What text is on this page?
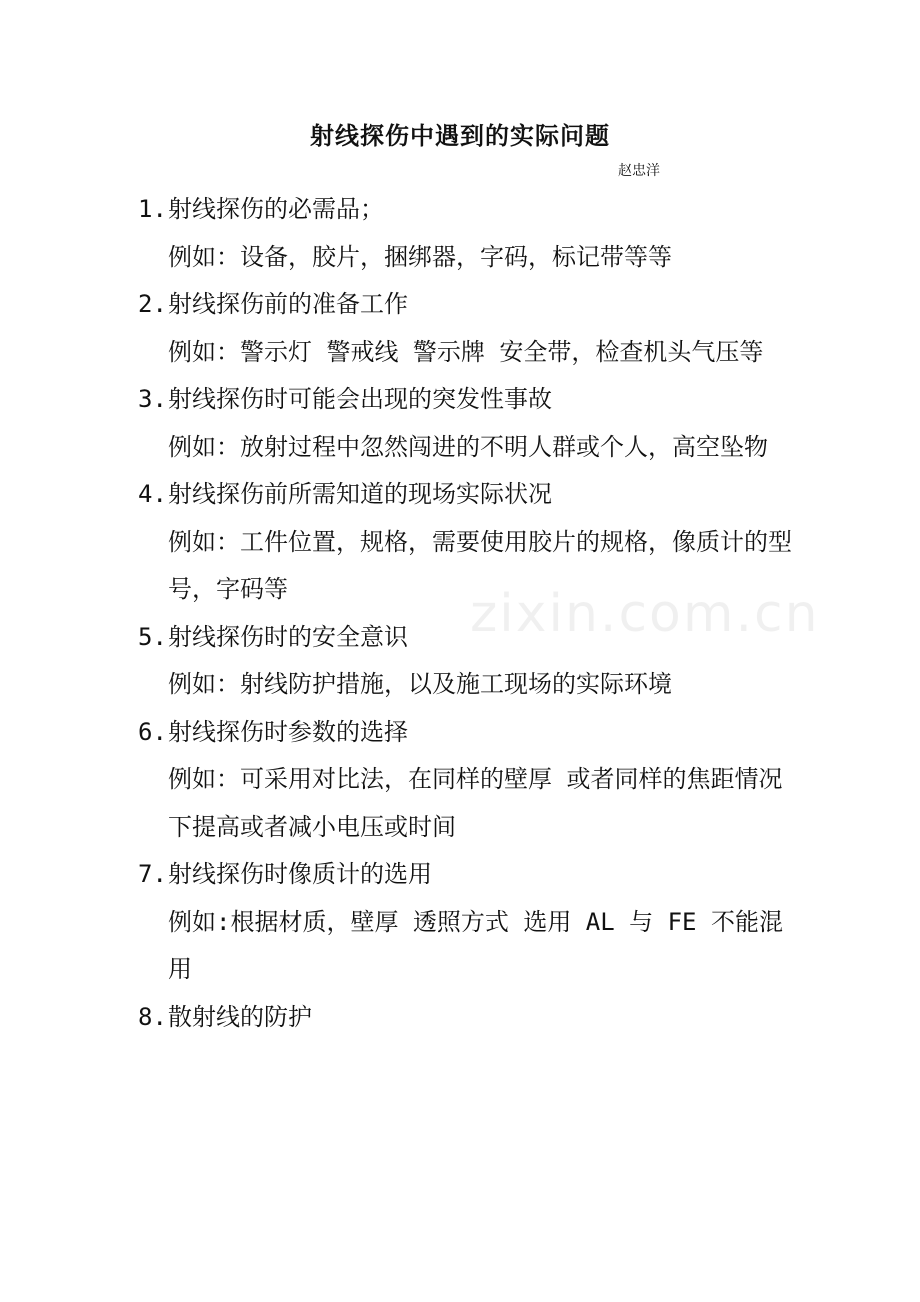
zixin.com.cn
射线探伤中遇到的实际问题
赵忠洋
1. 射线探伤的必需品；
例如：设备，胶片，捆绑器，字码，标记带等等
2. 射线探伤前的准备工作
例如：警示灯 警戒线 警示牌 安全带，检查机头气压等
3. 射线探伤时可能会出现的突发性事故
例如：放射过程中忽然闯进的不明人群或个人，高空坠物
4. 射线探伤前所需知道的现场实际状况
例如：工件位置，规格，需要使用胶片的规格，像质计的型号，字码等
5. 射线探伤时的安全意识
例如：射线防护措施，以及施工现场的实际环境
6. 射线探伤时参数的选择
例如：可采用对比法，在同样的壁厚 或者同样的焦距情况下提高或者减小电压或时间
7. 射线探伤时像质计的选用
例如:根据材质，壁厚 透照方式 选用 AL 与 FE 不能混用
8. 散射线的防护
